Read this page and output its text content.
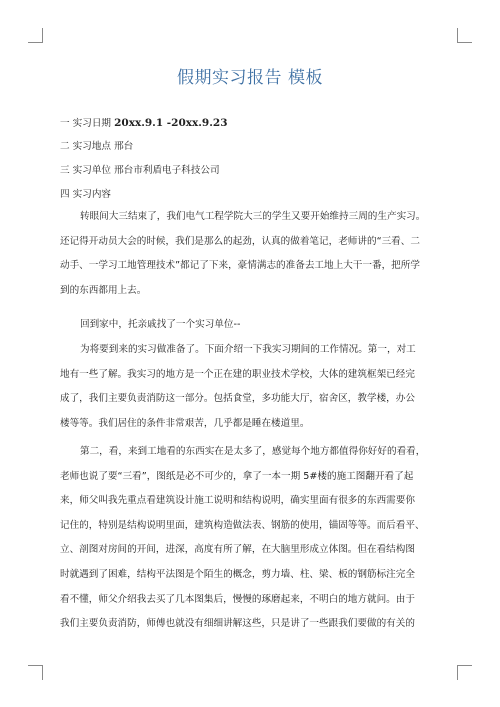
假期实习报告 模板
一 实习日期 20xx.9.1 -20xx.9.23
二 实习地点 邢台
三 实习单位 邢台市利盾电子科技公司
四 实习内容
转眼间大三结束了，我们电气工程学院大三的学生又要开始维持三周的生产实习。
还记得开动员大会的时候，我们是那么的起劲，认真的做着笔记，老师讲的“三看、二
动手、一学习工地管理技术”都记了下来，豪情满志的准备去工地上大干一番，把所学
到的东西都用上去。
回到家中，托亲戚找了一个实习单位--
为将要到来的实习做准备了。下面介绍一下我实习期间的工作情况。第一，对工
地有一些了解。我实习的地方是一个正在建的职业技术学校，大体的建筑框架已经完
成了，我们主要负责消防这一部分。包括食堂，多功能大厅，宿舍区，教学楼，办公
楼等等。我们居住的条件非常艰苦，几乎都是睡在楼道里。
第二，看，来到工地看的东西实在是太多了，感觉每个地方都值得你好好的看看，
老师也说了要“三看”，图纸是必不可少的，拿了一本一期 5#楼的施工图翻开看了起
来，师父叫我先重点看建筑设计施工说明和结构说明，确实里面有很多的东西需要你
记住的，特别是结构说明里面，建筑构造做法表、钢筋的使用，锚固等等。而后看平、
立、剖图对房间的开间，进深，高度有所了解，在大脑里形成立体图。但在看结构图
时就遇到了困难，结构平法图是个陌生的概念，剪力墙、柱、梁、板的钢筋标注完全
看不懂，师父介绍我去买了几本图集后，慢慢的琢磨起来，不明白的地方就问。由于
我们主要负责消防，师傅也就没有细细讲解这些，只是讲了一些跟我们要做的有关的
